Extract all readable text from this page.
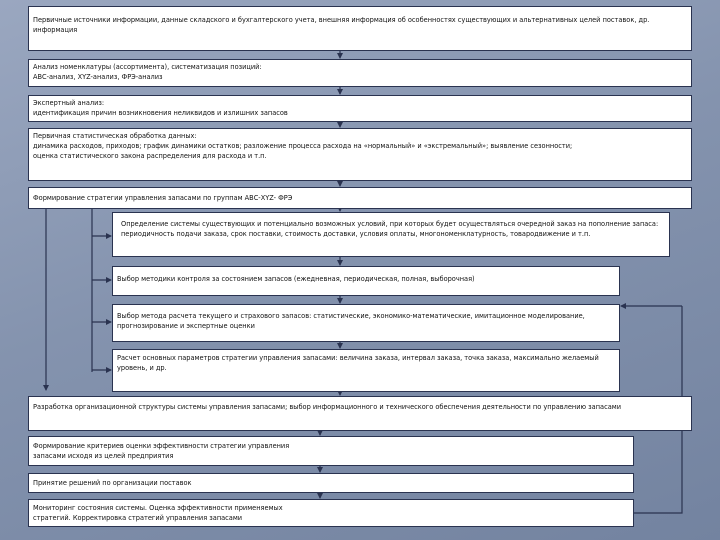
Первичные источники информации, данные складского и бухгалтерского учета, внешняя информация об особенностях существующих и альтернативных целей поставок, др. информация
Анализ номенклатуры (ассортимента), систематизация позиций:
АВС-анализ, XYZ-анализ, ФРЭ-анализ
Экспертный анализ:
идентификация причин возникновения неликвидов и излишних запасов
Первичная статистическая обработка данных:
динамика расходов, приходов; график динамики остатков; разложение процесса расхода на «нормальный» и «экстремальный»; выявление сезонности;
оценка статистического закона распределения для расхода и т.п.
Формирование стратегии управления запасами по группам АВС-XYZ- ФРЭ
Определение системы существующих и потенциально возможных условий, при которых будет осуществляться очередной заказ на пополнение запаса:
периодичность подачи заказа, срок поставки, стоимость доставки, условия оплаты, многономенклатурность, товародвижение и т.п.
Выбор методики контроля за состоянием запасов (ежедневная, периодическая, полная, выборочная)
Выбор метода расчета текущего и страхового запасов: статистические, экономико-математические, имитационное моделирование,
прогнозирование и экспертные оценки
Расчет основных параметров стратегии управления запасами: величина заказа, интервал заказа, точка заказа, максимально желаемый
уровень, и др.
Разработка организационной структуры системы управления запасами; выбор информационного и технического обеспечения деятельности по управлению запасами
Формирование критериев оценки эффективности стратегии управления
запасами исходя из целей предприятия
Принятие решений по организации поставок
Мониторинг состояния системы. Оценка эффективности применяемых
стратегий. Корректировка стратегий управления запасами
